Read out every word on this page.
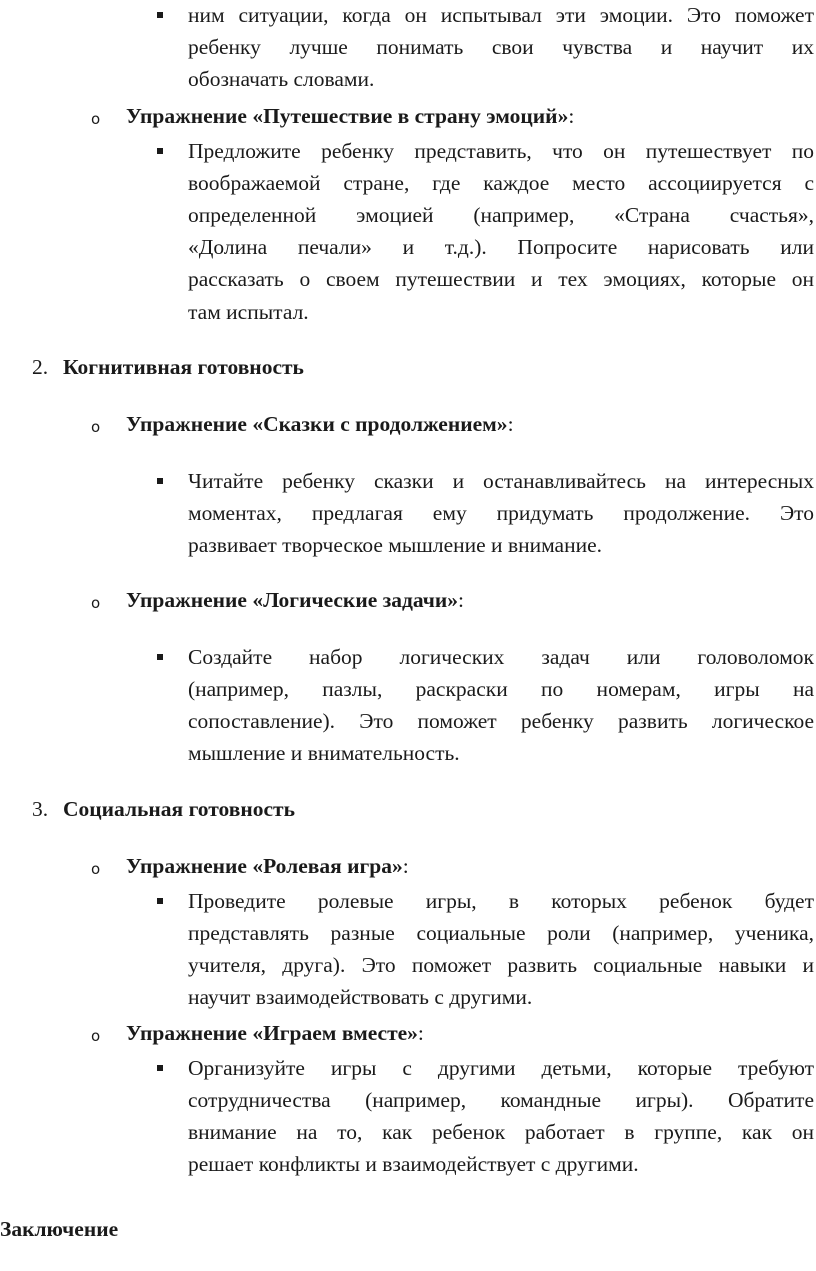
ним ситуации, когда он испытывал эти эмоции. Это поможет
ребенку лучше понимать свои чувства и научит их
обозначать словами.
o Упражнение «Путешествие в страну эмоций»:
Предложите ребенку представить, что он путешествует по
воображаемой стране, где каждое место ассоциируется с
определенной эмоцией (например, «Страна счастья»,
«Долина печали» и т.д.). Попросите нарисовать или
рассказать о своем путешествии и тех эмоциях, которые он
там испытал.
2. Когнитивная готовность
o Упражнение «Сказки с продолжением»:
Читайте ребенку сказки и останавливайтесь на интересных
моментах, предлагая ему придумать продолжение. Это
развивает творческое мышление и внимание.
o Упражнение «Логические задачи»:
Создайте набор логических задач или головоломок
(например, пазлы, раскраски по номерам, игры на
сопоставление). Это поможет ребенку развить логическое
мышление и внимательность.
3. Социальная готовность
o Упражнение «Ролевая игра»:
Проведите ролевые игры, в которых ребенок будет
представлять разные социальные роли (например, ученика,
учителя, друга). Это поможет развить социальные навыки и
научит взаимодействовать с другими.
o Упражнение «Играем вместе»:
Организуйте игры с другими детьми, которые требуют
сотрудничества (например, командные игры). Обратите
внимание на то, как ребенок работает в группе, как он
решает конфликты и взаимодействует с другими.
Заключение
